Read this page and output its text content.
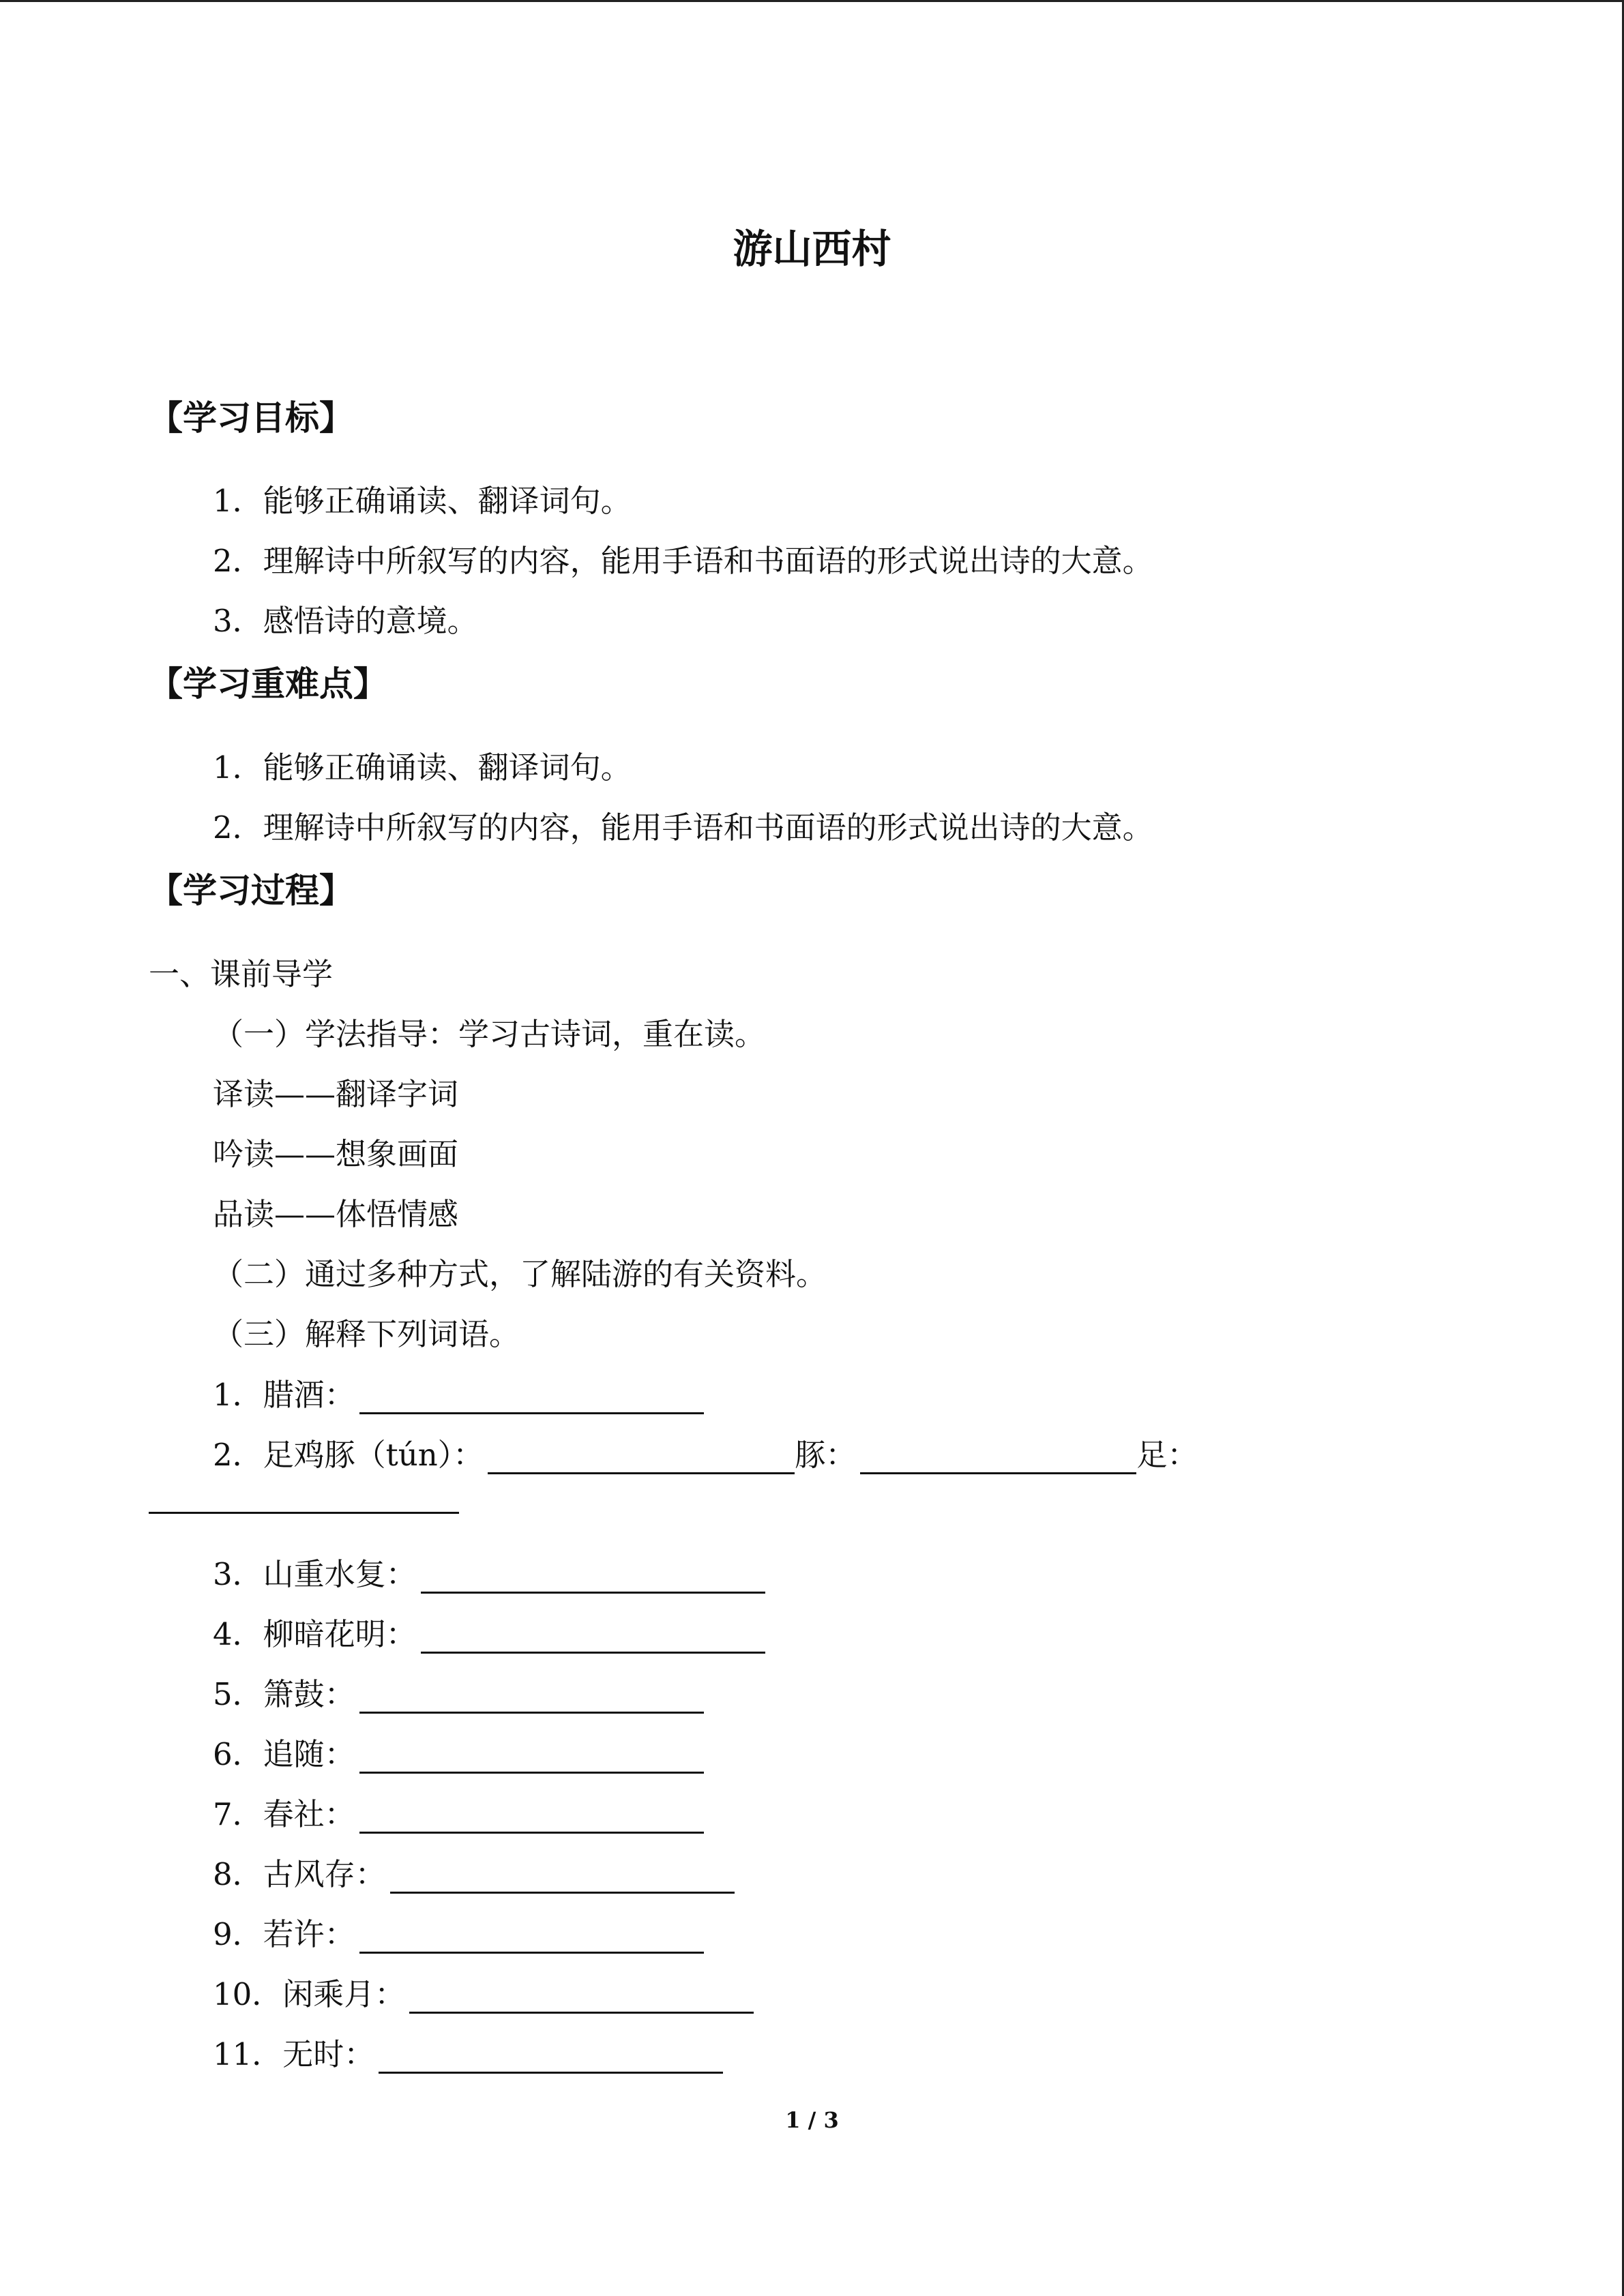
游山西村
【学习目标】
1．能够正确诵读、翻译词句。
2．理解诗中所叙写的内容，能用手语和书面语的形式说出诗的大意。
3．感悟诗的意境。
【学习重难点】
1．能够正确诵读、翻译词句。
2．理解诗中所叙写的内容，能用手语和书面语的形式说出诗的大意。
【学习过程】
一、课前导学
（一）学法指导：学习古诗词，重在读。
译读——翻译字词
吟读——想象画面
品读——体悟情感
（二）通过多种方式，了解陆游的有关资料。
（三）解释下列词语。
1．腊酒：
2．足鸡豚（tún）：	豚：	足：
3．山重水复：
4．柳暗花明：
5．箫鼓：
6．追随：
7．春社：
8．古风存：
9．若许：
10．闲乘月：
11．无时：
1 / 3
